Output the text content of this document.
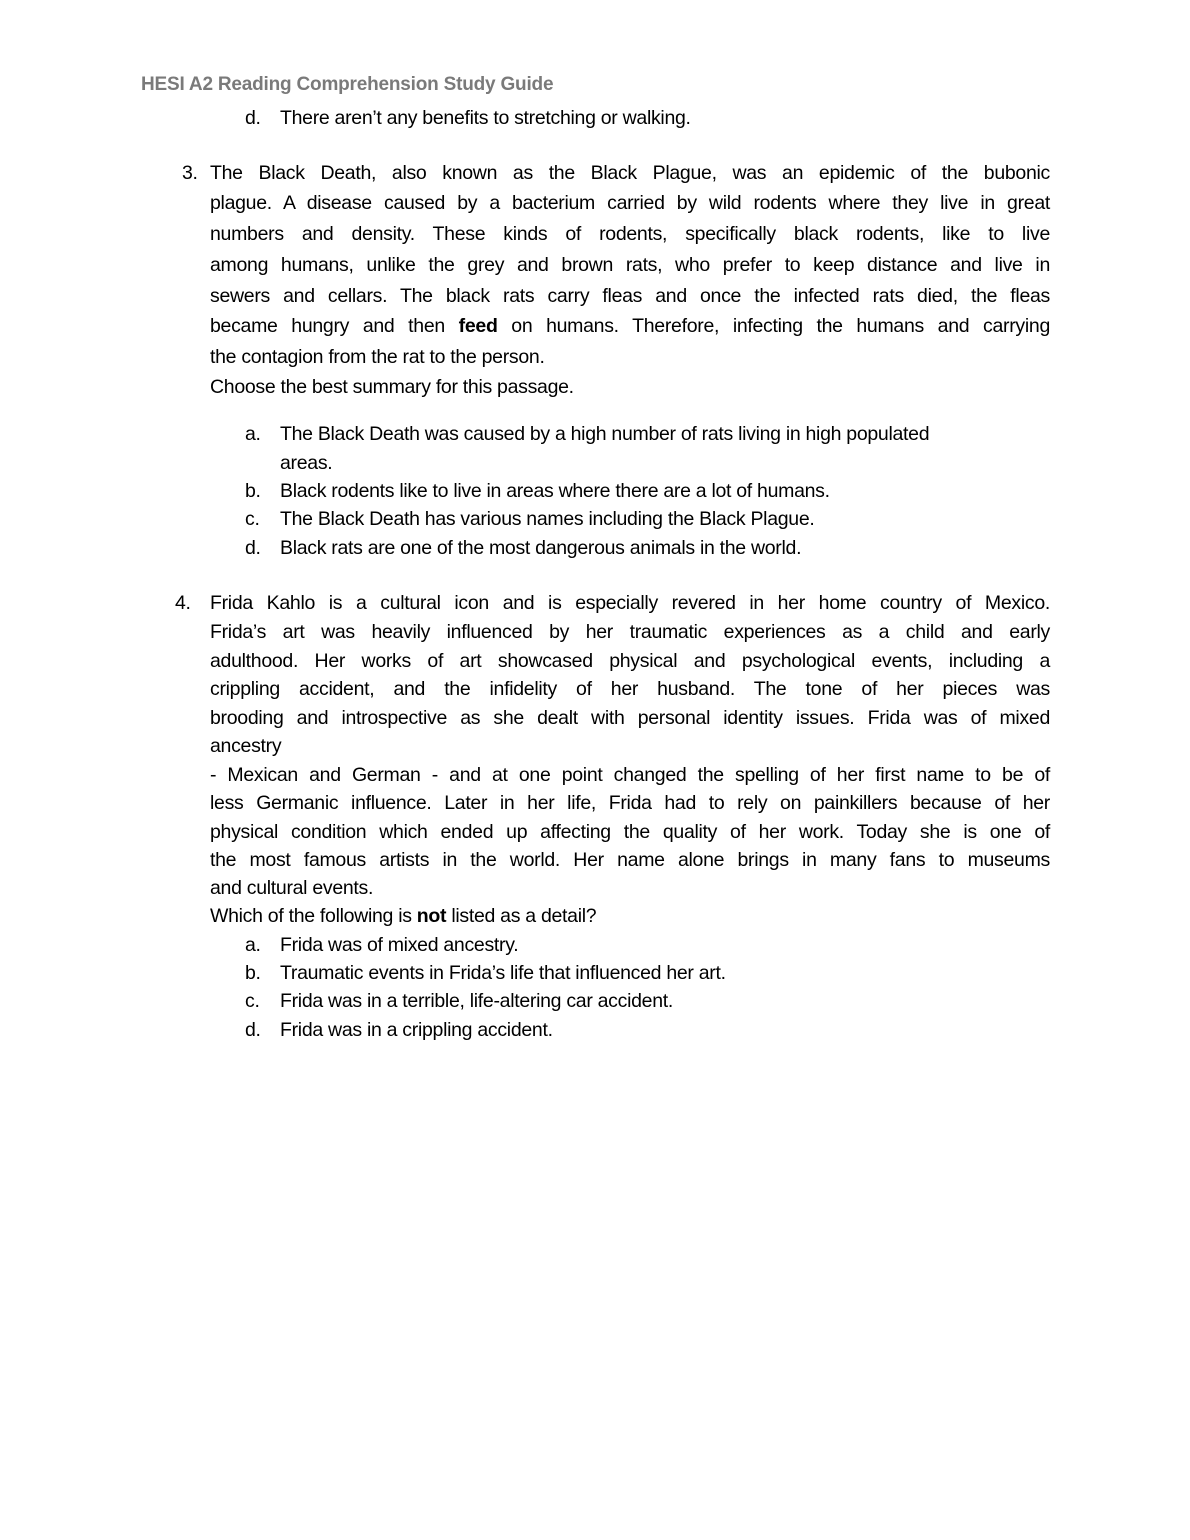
HESI A2 Reading Comprehension Study Guide
d. There aren’t any benefits to stretching or walking.
3. The Black Death, also known as the Black Plague, was an epidemic of the bubonic
plague. A disease caused by a bacterium carried by wild rodents where they live in great
numbers and density. These kinds of rodents, specifically black rodents, like to live
among humans, unlike the grey and brown rats, who prefer to keep distance and live in
sewers and cellars. The black rats carry fleas and once the infected rats died, the fleas
became hungry and then feed on humans. Therefore, infecting the humans and carrying
the contagion from the rat to the person.
Choose the best summary for this passage.
a. The Black Death was caused by a high number of rats living in high populated
areas.
b. Black rodents like to live in areas where there are a lot of humans.
c. The Black Death has various names including the Black Plague.
d. Black rats are one of the most dangerous animals in the world.
4. Frida Kahlo is a cultural icon and is especially revered in her home country of Mexico.
Frida’s art was heavily influenced by her traumatic experiences as a child and early
adulthood. Her works of art showcased physical and psychological events, including a
crippling accident, and the infidelity of her husband. The tone of her pieces was
brooding and introspective as she dealt with personal identity issues. Frida was of mixed
ancestry
- Mexican and German - and at one point changed the spelling of her first name to be of
less Germanic influence. Later in her life, Frida had to rely on painkillers because of her
physical condition which ended up affecting the quality of her work. Today she is one of
the most famous artists in the world. Her name alone brings in many fans to museums
and cultural events.
Which of the following is not listed as a detail?
a. Frida was of mixed ancestry.
b. Traumatic events in Frida’s life that influenced her art.
c. Frida was in a terrible, life-altering car accident.
d. Frida was in a crippling accident.
